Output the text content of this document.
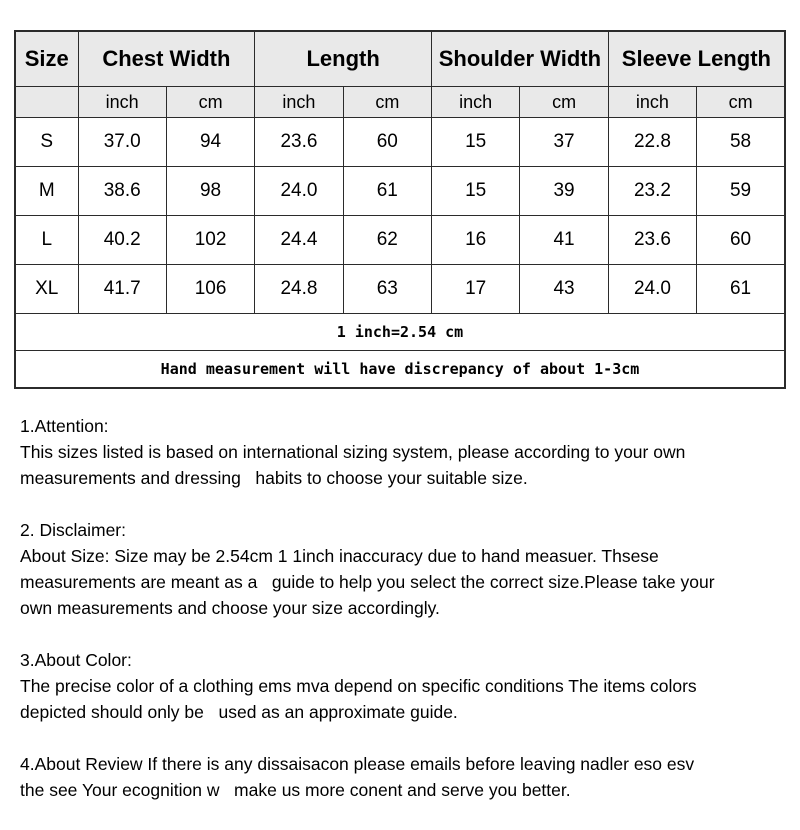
Size	Chest Width		Length		Shoulder Width		Sleeve Length	
	inch	cm	inch	cm	inch	cm	inch	cm
S	37.0	94	23.6	60	15	37	22.8	58
M	38.6	98	24.0	61	15	39	23.2	59
L	40.2	102	24.4	62	16	41	23.6	60
XL	41.7	106	24.8	63	17	43	24.0	61
1 inch=2.54 cm								
Hand measurement will have discrepancy of about 1-3cm								
1.Attention:
This sizes listed is based on international sizing system, please according to your own
measurements and dressing   habits to choose your suitable size.
2. Disclaimer:
About Size: Size may be 2.54cm 1 1inch inaccuracy due to hand measuer. Thsese
measurements are meant as a   guide to help you select the correct size.Please take your
own measurements and choose your size accordingly.
3.About Color:
The precise color of a clothing ems mva depend on specific conditions The items colors
depicted should only be   used as an approximate guide.
4.About Review If there is any dissaisacon please emails before leaving nadler eso esv
the see Your ecognition w   make us more conent and serve you better.
